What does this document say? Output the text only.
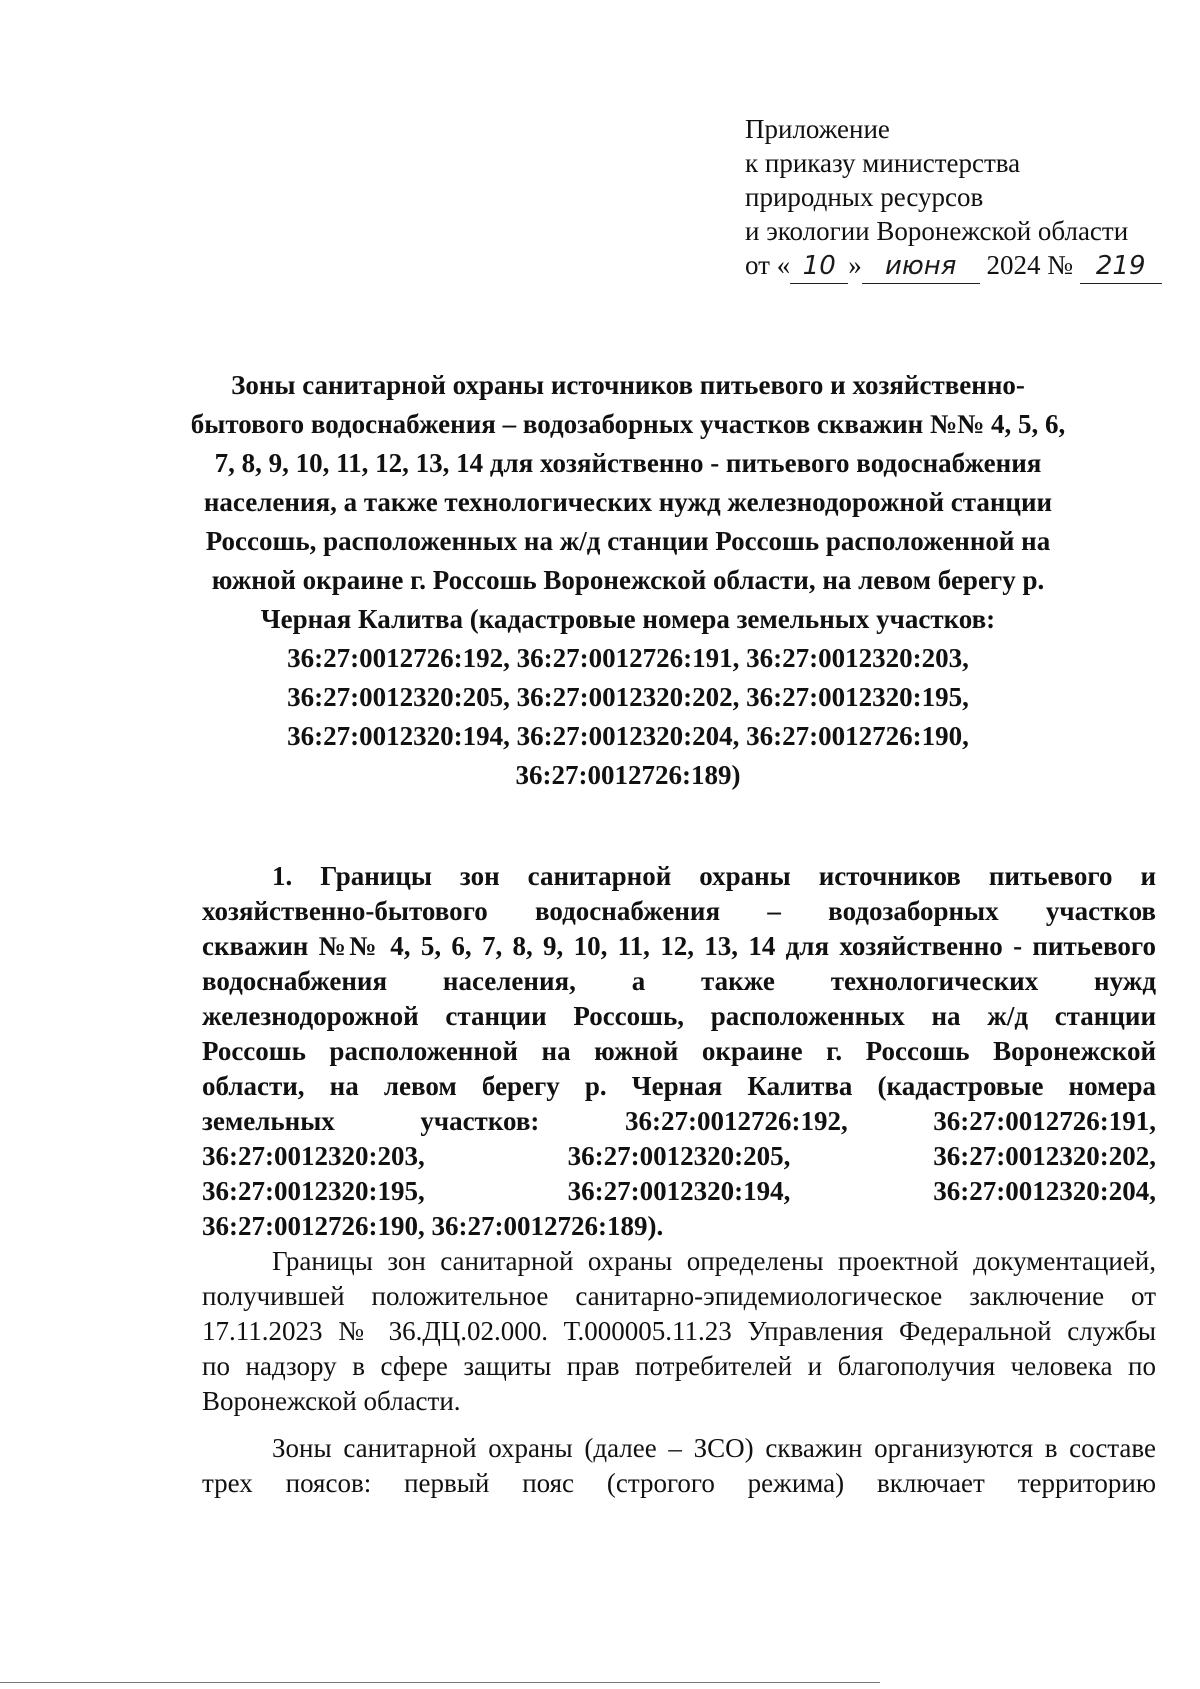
Приложение
к приказу министерства
природных ресурсов
и экологии Воронежской области
от « 10 » июня 2024 № 219
Зоны санитарной охраны источников питьевого и хозяйственно-
бытового водоснабжения – водозаборных участков скважин №№ 4, 5, 6,
7, 8, 9, 10, 11, 12, 13, 14 для хозяйственно - питьевого водоснабжения
населения, а также технологических нужд железнодорожной станции
Россошь, расположенных на ж/д станции Россошь расположенной на
южной окраине г. Россошь Воронежской области, на левом берегу р.
Черная Калитва (кадастровые номера земельных участков:
36:27:0012726:192, 36:27:0012726:191, 36:27:0012320:203,
36:27:0012320:205, 36:27:0012320:202, 36:27:0012320:195,
36:27:0012320:194, 36:27:0012320:204, 36:27:0012726:190,
36:27:0012726:189)
1. Границы зон санитарной охраны источников питьевого и
хозяйственно-бытового водоснабжения – водозаборных участков
скважин №№ 4, 5, 6, 7, 8, 9, 10, 11, 12, 13, 14 для хозяйственно - питьевого
водоснабжения населения, а также технологических нужд
железнодорожной станции Россошь, расположенных на ж/д станции
Россошь расположенной на южной окраине г. Россошь Воронежской
области, на левом берегу р. Черная Калитва (кадастровые номера
земельных участков: 36:27:0012726:192, 36:27:0012726:191,
36:27:0012320:203, 36:27:0012320:205, 36:27:0012320:202,
36:27:0012320:195, 36:27:0012320:194, 36:27:0012320:204,
36:27:0012726:190, 36:27:0012726:189).
Границы зон санитарной охраны определены проектной документацией,
получившей положительное санитарно-эпидемиологическое заключение от
17.11.2023 № 36.ДЦ.02.000. Т.000005.11.23 Управления Федеральной службы
по надзору в сфере защиты прав потребителей и благополучия человека по
Воронежской области.
Зоны санитарной охраны (далее – ЗСО) скважин организуются в составе
трех поясов: первый пояс (строгого режима) включает территорию
